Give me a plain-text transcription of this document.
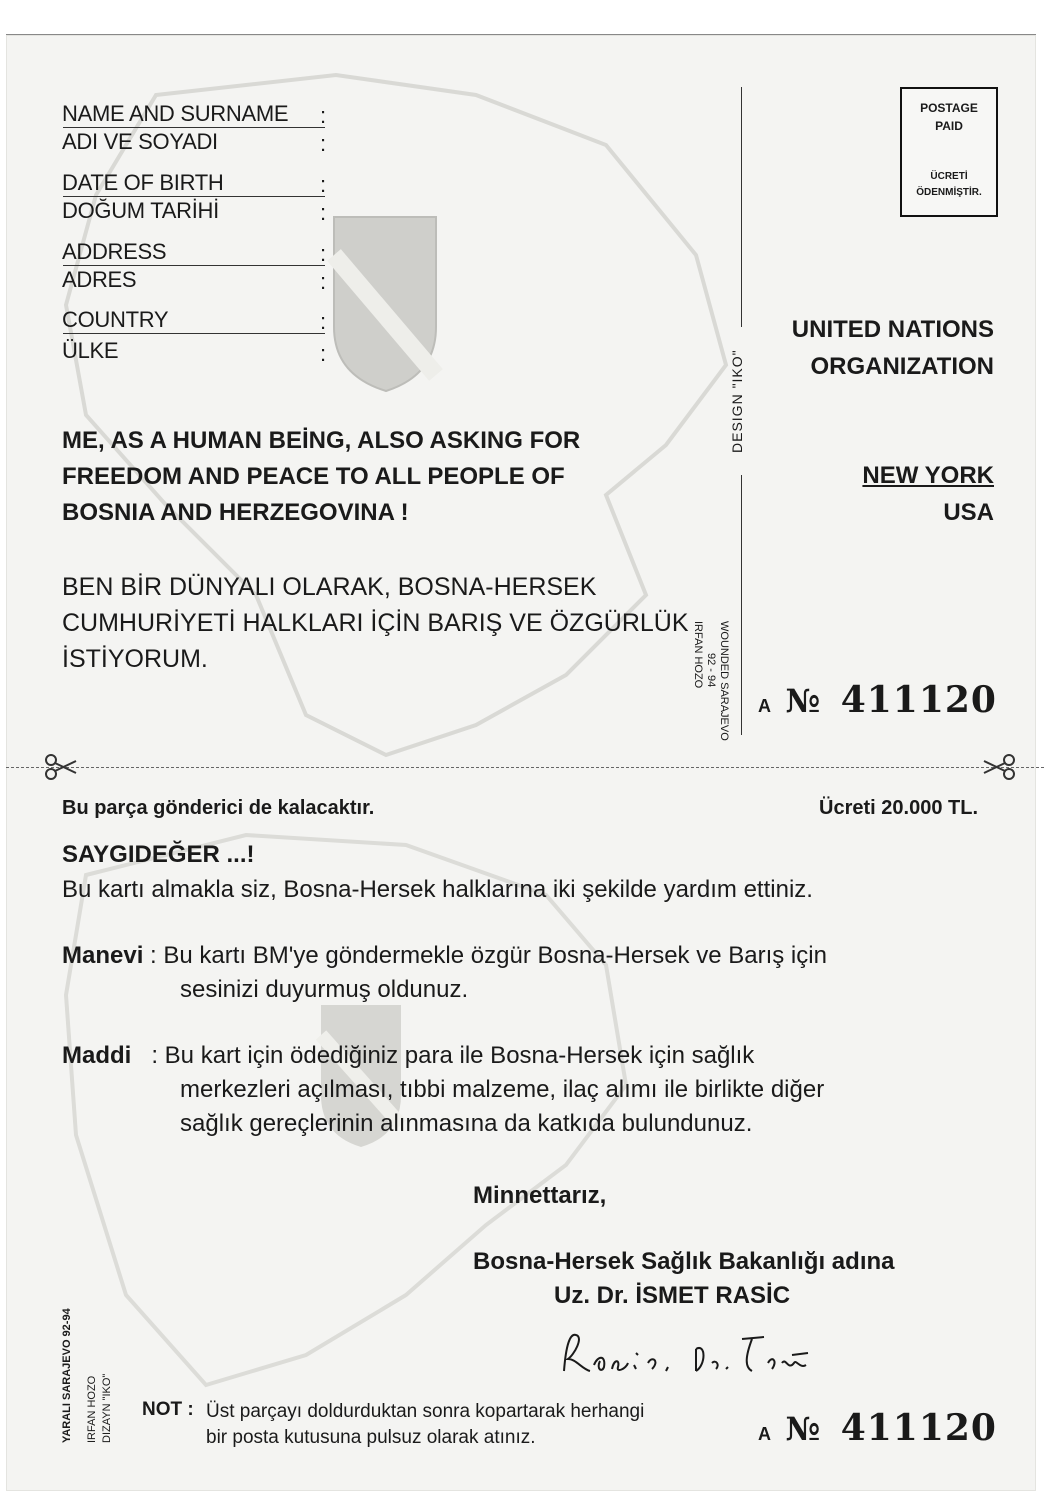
NAME AND SURNAME
ADI VE SOYADI
:
:
DATE OF BIRTH
DOĞUM TARİHİ
:
:
ADDRESS
ADRES
:
:
COUNTRY
ÜLKE
:
:
ME, AS A HUMAN BEİNG, ALSO ASKING FOR
FREEDOM AND PEACE TO ALL PEOPLE OF
BOSNIA AND HERZEGOVINA !
BEN BİR DÜNYALI OLARAK, BOSNA-HERSEK
CUMHURİYETİ HALKLARI İÇİN BARIŞ VE ÖZGÜRLÜK
İSTİYORUM.
DESIGN "IKO"
WOUNDED SARAJEVO
92 - 94
IRFAN HOZO
POSTAGE
PAID
ÜCRETİ
ÖDENMİŞTİR.
UNITED NATIONS
ORGANIZATION
NEW YORK
USA
A № 411120
Bu parça gönderici de kalacaktır.	Ücreti 20.000 TL.
SAYGIDEĞER ...!
Bu kartı almakla siz, Bosna-Hersek halklarına iki şekilde yardım ettiniz.
Manevi : Bu kartı BM'ye göndermekle özgür Bosna-Hersek ve Barış için
sesinizi duyurmuş oldunuz.
Maddi   : Bu kart için ödediğiniz para ile Bosna-Hersek için sağlık
merkezleri açılması, tıbbi malzeme, ilaç alımı ile birlikte diğer
sağlık gereçlerinin alınmasına da katkıda bulundunuz.
Minnettarız,
Bosna-Hersek Sağlık Bakanlığı adına
Uz. Dr. İSMET RASİC
NOT : Üst parçayı doldurduktan sonra kopartarak herhangi
bir posta kutusuna pulsuz olarak atınız.
YARALI SARAJEVO 92-94 IRFAN HOZO DIZAYN "IKO"	A № 411120
